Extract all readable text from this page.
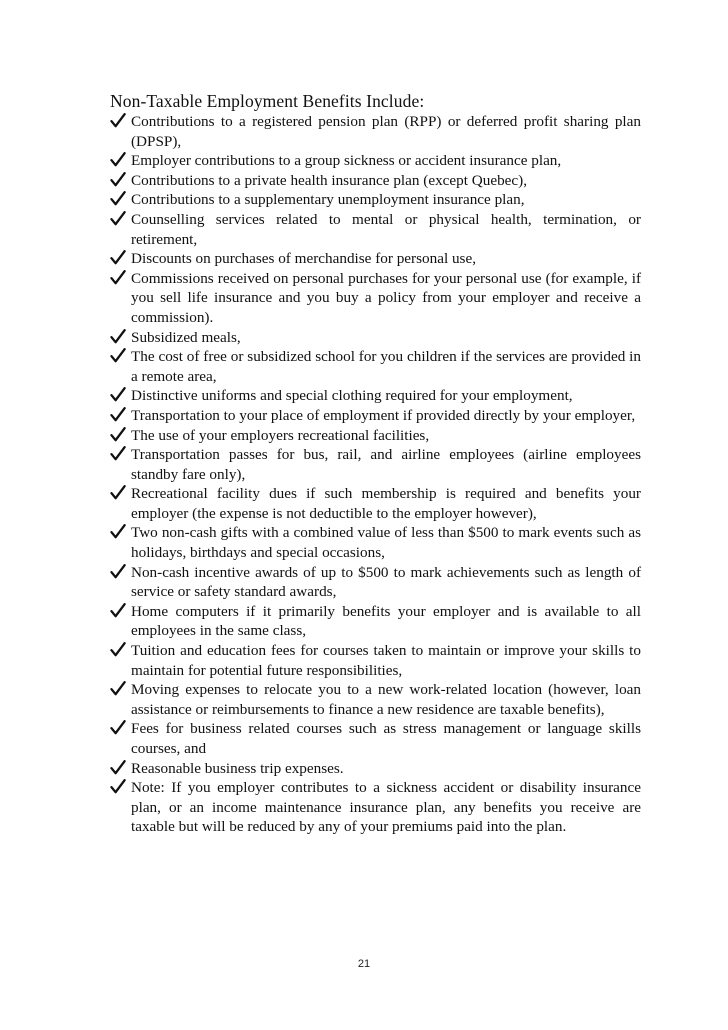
Non-Taxable Employment Benefits Include:
Contributions to a registered pension plan (RPP) or deferred profit sharing plan (DPSP),
Employer contributions to a group sickness or accident insurance plan,
Contributions to a private health insurance plan (except Quebec),
Contributions to a supplementary unemployment insurance plan,
Counselling services related to mental or physical health, termination, or retirement,
Discounts on purchases of merchandise for personal use,
Commissions received on personal purchases for your personal use (for example, if you sell life insurance and you buy a policy from your employer and receive a commission).
Subsidized meals,
The cost of free or subsidized school for you children if the services are provided in a remote area,
Distinctive uniforms and special clothing required for your employment,
Transportation to your place of employment if provided directly by your employer,
The use of your employers recreational facilities,
Transportation passes for bus, rail, and airline employees (airline employees standby fare only),
Recreational facility dues if such membership is required and benefits your employer (the expense is not deductible to the employer however),
Two non-cash gifts with a combined value of less than $500 to mark events such as holidays, birthdays and special occasions,
Non-cash incentive awards of up to $500 to mark achievements such as length of service or safety standard awards,
Home computers if it primarily benefits your employer and is available to all employees in the same class,
Tuition and education fees for courses taken to maintain or improve your skills to maintain for potential future responsibilities,
Moving expenses to relocate you to a new work-related location (however, loan assistance or reimbursements to finance a new residence are taxable benefits),
Fees for business related courses such as stress management or language skills courses, and
Reasonable business trip expenses.
Note: If you employer contributes to a sickness accident or disability insurance plan, or an income maintenance insurance plan, any benefits you receive are taxable but will be reduced by any of your premiums paid into the plan.
21
